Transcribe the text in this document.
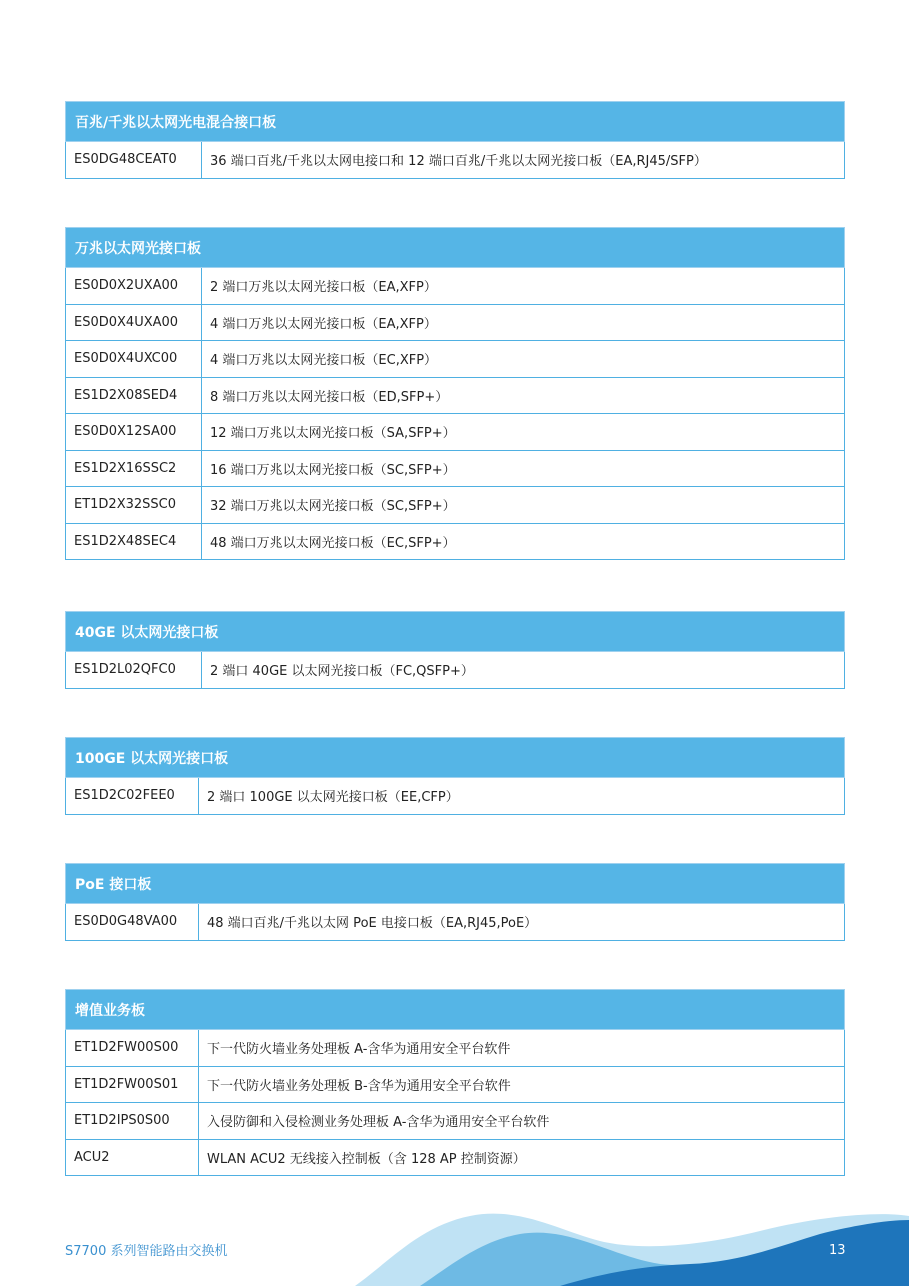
百兆/千兆以太网光电混合接口板
ES0DG48CEAT0	36 端口百兆/千兆以太网电接口和 12 端口百兆/千兆以太网光接口板（EA,RJ45/SFP）
万兆以太网光接口板	
ES0D0X2UXA00	2 端口万兆以太网光接口板（EA,XFP）
ES0D0X4UXA00	4 端口万兆以太网光接口板（EA,XFP）
ES0D0X4UXC00	4 端口万兆以太网光接口板（EC,XFP）
ES1D2X08SED4	8 端口万兆以太网光接口板（ED,SFP+）
ES0D0X12SA00	12 端口万兆以太网光接口板（SA,SFP+）
ES1D2X16SSC2	16 端口万兆以太网光接口板（SC,SFP+）
ET1D2X32SSC0	32 端口万兆以太网光接口板（SC,SFP+）
ES1D2X48SEC4	48 端口万兆以太网光接口板（EC,SFP+）
40GE 以太网光接口板
ES1D2L02QFC0	2 端口 40GE 以太网光接口板（FC,QSFP+）
100GE 以太网光接口板
ES1D2C02FEE0	2 端口 100GE 以太网光接口板（EE,CFP）
PoE 接口板
ES0D0G48VA00	48 端口百兆/千兆以太网 PoE 电接口板（EA,RJ45,PoE）
增值业务板	
ET1D2FW00S00	下一代防火墙业务处理板 A-含华为通用安全平台软件
ET1D2FW00S01	下一代防火墙业务处理板 B-含华为通用安全平台软件
ET1D2IPS0S00	入侵防御和入侵检测业务处理板 A-含华为通用安全平台软件
ACU2	WLAN ACU2 无线接入控制板（含 128 AP 控制资源）
S7700 系列智能路由交换机	13
